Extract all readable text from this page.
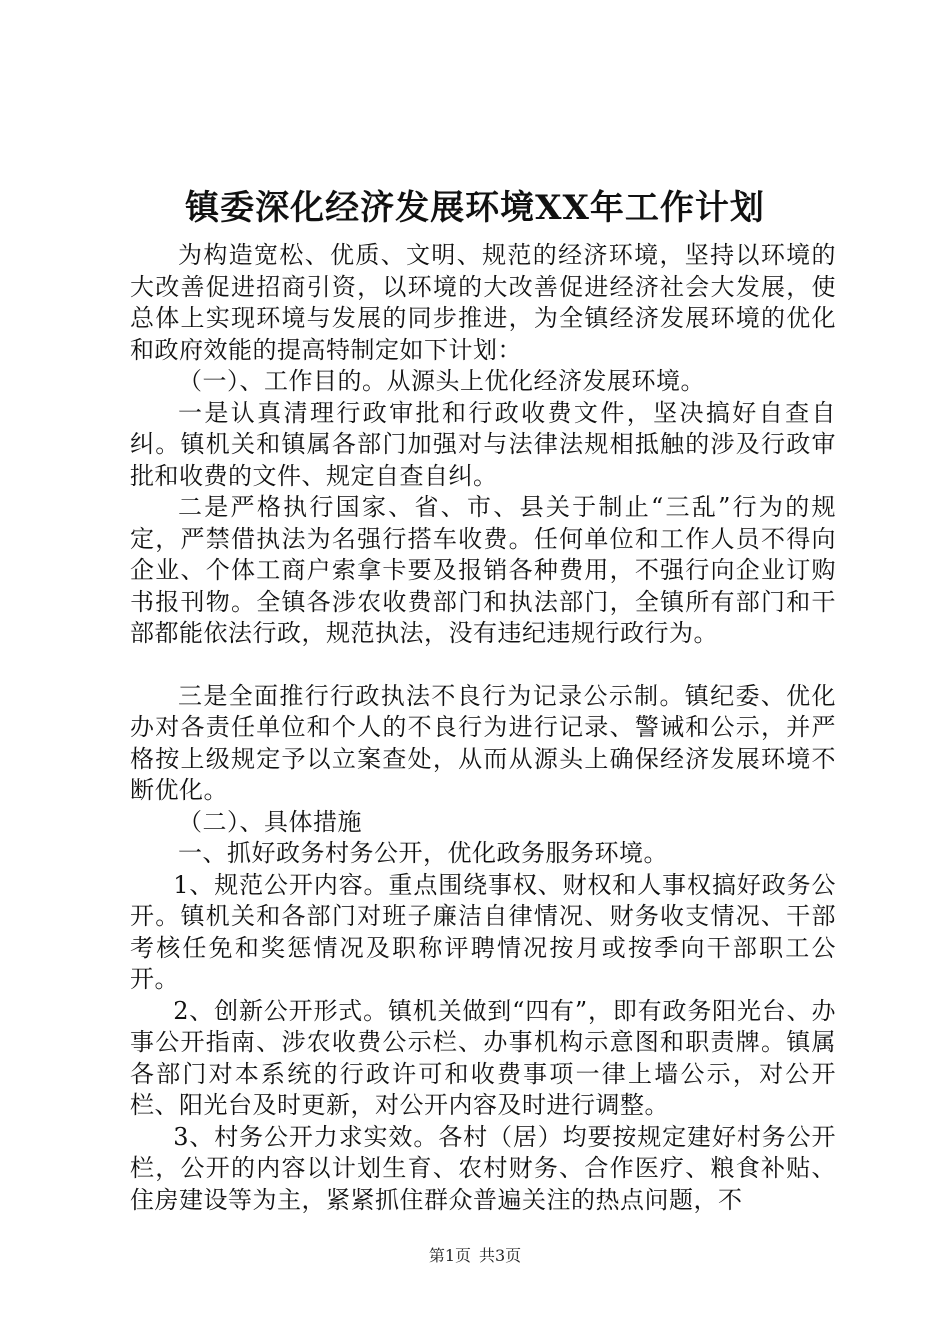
镇委深化经济发展环境XX年工作计划

为构造宽松、优质、文明、规范的经济环境，坚持以环境的大改善促进招商引资，以环境的大改善促进经济社会大发展，使总体上实现环境与发展的同步推进，为全镇经济发展环境的优化和政府效能的提高特制定如下计划：

（一）、工作目的。从源头上优化经济发展环境。

一是认真清理行政审批和行政收费文件，坚决搞好自查自纠。镇机关和镇属各部门加强对与法律法规相抵触的涉及行政审批和收费的文件、规定自查自纠。

二是严格执行国家、省、市、县关于制止“三乱”行为的规定，严禁借执法为名强行搭车收费。任何单位和工作人员不得向企业、个体工商户索拿卡要及报销各种费用，不强行向企业订购书报刊物。全镇各涉农收费部门和执法部门，全镇所有部门和干部都能依法行政，规范执法，没有违纪违规行政行为。

三是全面推行行政执法不良行为记录公示制。镇纪委、优化办对各责任单位和个人的不良行为进行记录、警诫和公示，并严格按上级规定予以立案查处，从而从源头上确保经济发展环境不断优化。

（二）、具体措施

一、抓好政务村务公开，优化政务服务环境。

1、规范公开内容。重点围绕事权、财权和人事权搞好政务公开。镇机关和各部门对班子廉洁自律情况、财务收支情况、干部考核任免和奖惩情况及职称评聘情况按月或按季向干部职工公开。

2、创新公开形式。镇机关做到“四有”，即有政务阳光台、办事公开指南、涉农收费公示栏、办事机构示意图和职责牌。镇属各部门对本系统的行政许可和收费事项一律上墙公示，对公开栏、阳光台及时更新，对公开内容及时进行调整。

3、村务公开力求实效。各村（居）均要按规定建好村务公开栏，公开的内容以计划生育、农村财务、合作医疗、粮食补贴、住房建设等为主，紧紧抓住群众普遍关注的热点问题，不

第1页 共3页
